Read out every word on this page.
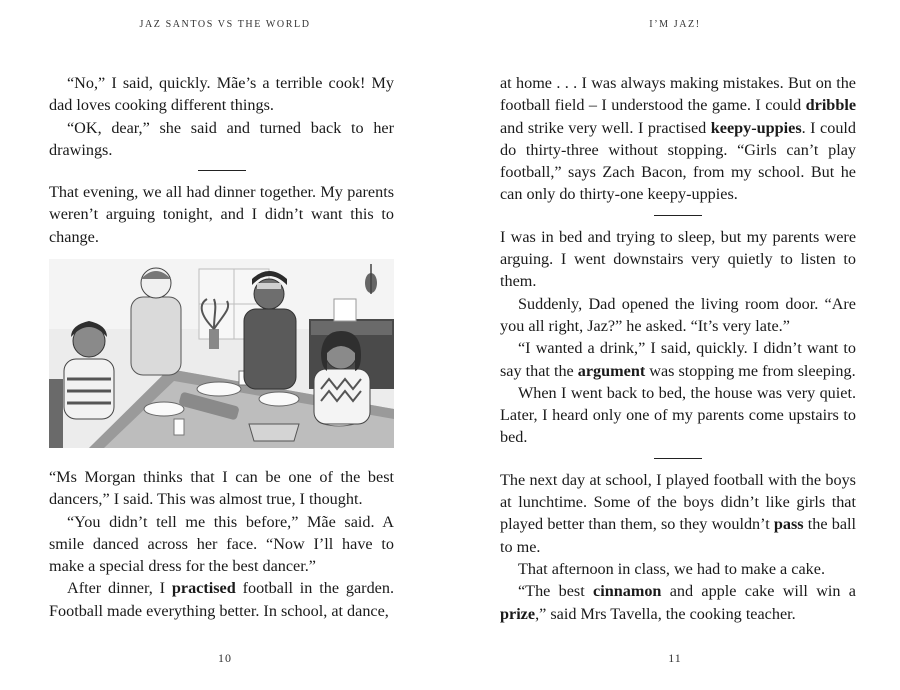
JAZ SANTOS VS THE WORLD

“No,” I said, quickly. Mãe’s a terrible cook! My dad loves cooking different things.

“OK, dear,” she said and turned back to her drawings.

That evening, we all had dinner together. My parents weren’t arguing tonight, and I didn’t want this to change.

“Ms Morgan thinks that I can be one of the best dancers,” I said. This was almost true, I thought.

“You didn’t tell me this before,” Mãe said. A smile danced across her face. “Now I’ll have to make a special dress for the best dancer.”

After dinner, I practised football in the garden. Football made everything better. In school, at dance,

10
I’M JAZ!

at home . . . I was always making mistakes. But on the football field – I understood the game. I could dribble and strike very well. I practised keepy-uppies. I could do thirty-three without stopping. “Girls can’t play football,” says Zach Bacon, from my school. But he can only do thirty-one keepy-uppies.

I was in bed and trying to sleep, but my parents were arguing. I went downstairs very quietly to listen to them.

Suddenly, Dad opened the living room door. “Are you all right, Jaz?” he asked. “It’s very late.”

“I wanted a drink,” I said, quickly. I didn’t want to say that the argument was stopping me from sleeping.

When I went back to bed, the house was very quiet. Later, I heard only one of my parents come upstairs to bed.

The next day at school, I played football with the boys at lunchtime. Some of the boys didn’t like girls that played better than them, so they wouldn’t pass the ball to me.

That afternoon in class, we had to make a cake.

“The best cinnamon and apple cake will win a prize,” said Mrs Tavella, the cooking teacher.

11
